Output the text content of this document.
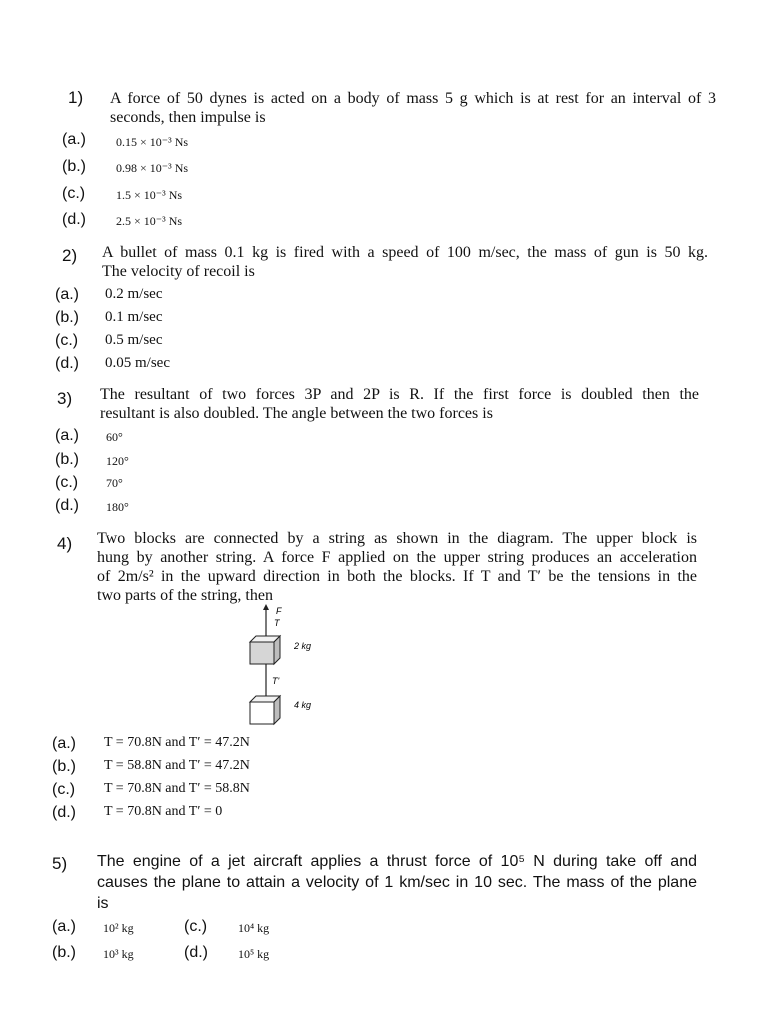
1) A force of 50 dynes is acted on a body of mass 5 g which is at rest for an interval of 3
seconds, then impulse is
(a.)	0.15 × 10⁻³ Ns
(b.)	0.98 × 10⁻³ Ns
(c.)	1.5 × 10⁻³ Ns
(d.)	2.5 × 10⁻³ Ns
2) A bullet of mass 0.1 kg is fired with a speed of 100 m/sec, the mass of gun is 50 kg.
The velocity of recoil is
(a.) 0.2 m/sec
(b.) 0.1 m/sec
(c.) 0.5 m/sec
(d.) 0.05 m/sec
3) The resultant of two forces 3P and 2P is R. If the first force is doubled then the
resultant is also doubled. The angle between the two forces is
(a.) 60°
(b.) 120°
(c.) 70°
(d.) 180°
4) Two blocks are connected by a string as shown in the diagram. The upper block is
hung by another string. A force F applied on the upper string produces an acceleration
of 2m/s² in the upward direction in both the blocks. If T and T′ be the tensions in the
two parts of the string, then
F
T
2 kg
T'
4 kg
(a.) T = 70.8N and T′ = 47.2N
(b.) T = 58.8N and T′ = 47.2N
(c.) T = 70.8N and T′ = 58.8N
(d.) T = 70.8N and T′ = 0
5) The engine of a jet aircraft applies a thrust force of 10⁵ N during take off and
causes the plane to attain a velocity of 1 km/sec in 10 sec. The mass of the plane
is
(a.) 10² kg	(c.)	10⁴ kg
(b.) 10³ kg	(d.)	10⁵ kg
